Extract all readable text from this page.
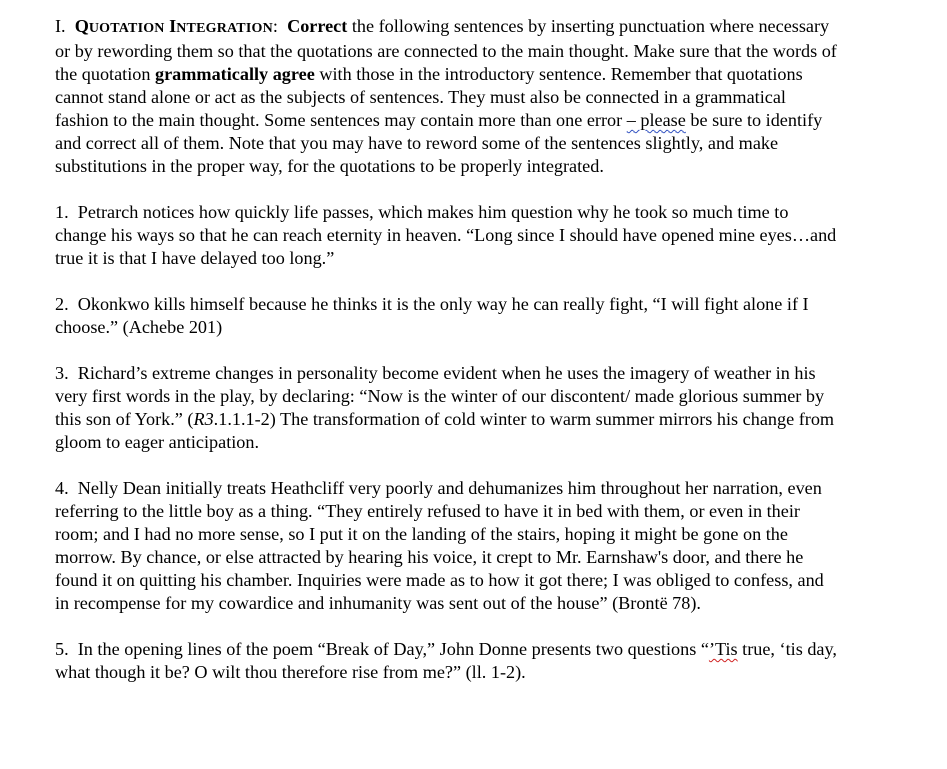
I. QUOTATION INTEGRATION: Correct the following sentences by inserting punctuation where necessary or by rewording them so that the quotations are connected to the main thought. Make sure that the words of the quotation grammatically agree with those in the introductory sentence. Remember that quotations cannot stand alone or act as the subjects of sentences. They must also be connected in a grammatical fashion to the main thought. Some sentences may contain more than one error – please be sure to identify and correct all of them. Note that you may have to reword some of the sentences slightly, and make substitutions in the proper way, for the quotations to be properly integrated.

1. Petrarch notices how quickly life passes, which makes him question why he took so much time to change his ways so that he can reach eternity in heaven. “Long since I should have opened mine eyes…and true it is that I have delayed too long.”

2. Okonkwo kills himself because he thinks it is the only way he can really fight, “I will fight alone if I choose.” (Achebe 201)

3. Richard’s extreme changes in personality become evident when he uses the imagery of weather in his very first words in the play, by declaring: “Now is the winter of our discontent/ made glorious summer by this son of York.” (R3.1.1.1-2) The transformation of cold winter to warm summer mirrors his change from gloom to eager anticipation.

4. Nelly Dean initially treats Heathcliff very poorly and dehumanizes him throughout her narration, even referring to the little boy as a thing. “They entirely refused to have it in bed with them, or even in their room; and I had no more sense, so I put it on the landing of the stairs, hoping it might be gone on the morrow. By chance, or else attracted by hearing his voice, it crept to Mr. Earnshaw's door, and there he found it on quitting his chamber. Inquiries were made as to how it got there; I was obliged to confess, and in recompense for my cowardice and inhumanity was sent out of the house” (Brontë 78).

5.  In the opening lines of the poem “Break of Day,” John Donne presents two questions “’Tis true, ‘tis day, what though it be? O wilt thou therefore rise from me?” (ll. 1-2).
